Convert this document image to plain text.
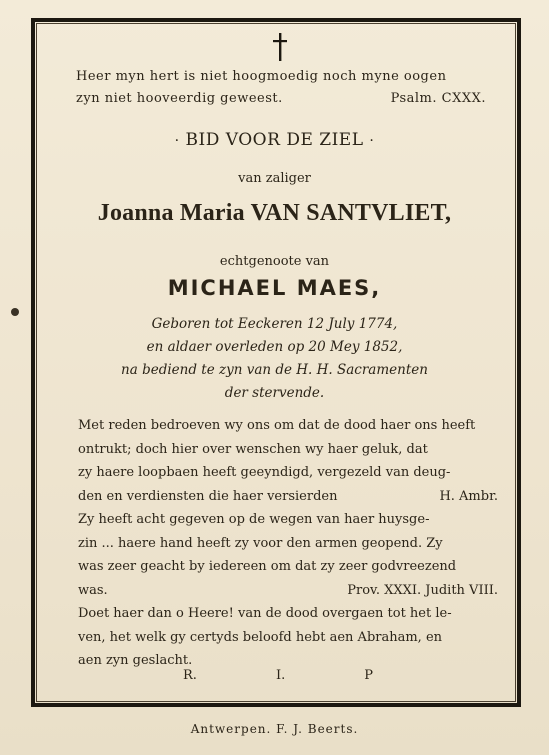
Heer myn hert is niet hoogmoedig noch myne oogen
zyn niet hooveerdig geweest.	Psalm. CXXX.
· BID VOOR DE ZIEL ·
van zaliger
Joanna Maria VAN SANTVLIET,
echtgenoote van
MICHAEL MAES,
Geboren tot Eeckeren 12 July 1774,
en aldaer overleden op 20 Mey 1852,
na bediend te zyn van de H. H. Sacramenten
der stervende.
Met reden bedroeven wy ons om dat de dood haer ons heeft
ontrukt; doch hier over wenschen wy haer geluk, dat
zy haere loopbaen heeft geeyndigd, vergezeld van deug-
den en verdiensten die haer versierden	H. Ambr.
Zy heeft acht gegeven op de wegen van haer huysge-
zin ... haere hand heeft zy voor den armen geopend. Zy
was zeer geacht by iedereen om dat zy zeer godvreezend
was.	Prov. XXXI. Judith VIII.
Doet haer dan o Heere! van de dood overgaen tot het le-
ven, het welk gy certyds beloofd hebt aen Abraham, en
aen zyn geslacht.
R.	I.	P
Antwerpen. F. J. Beerts.
